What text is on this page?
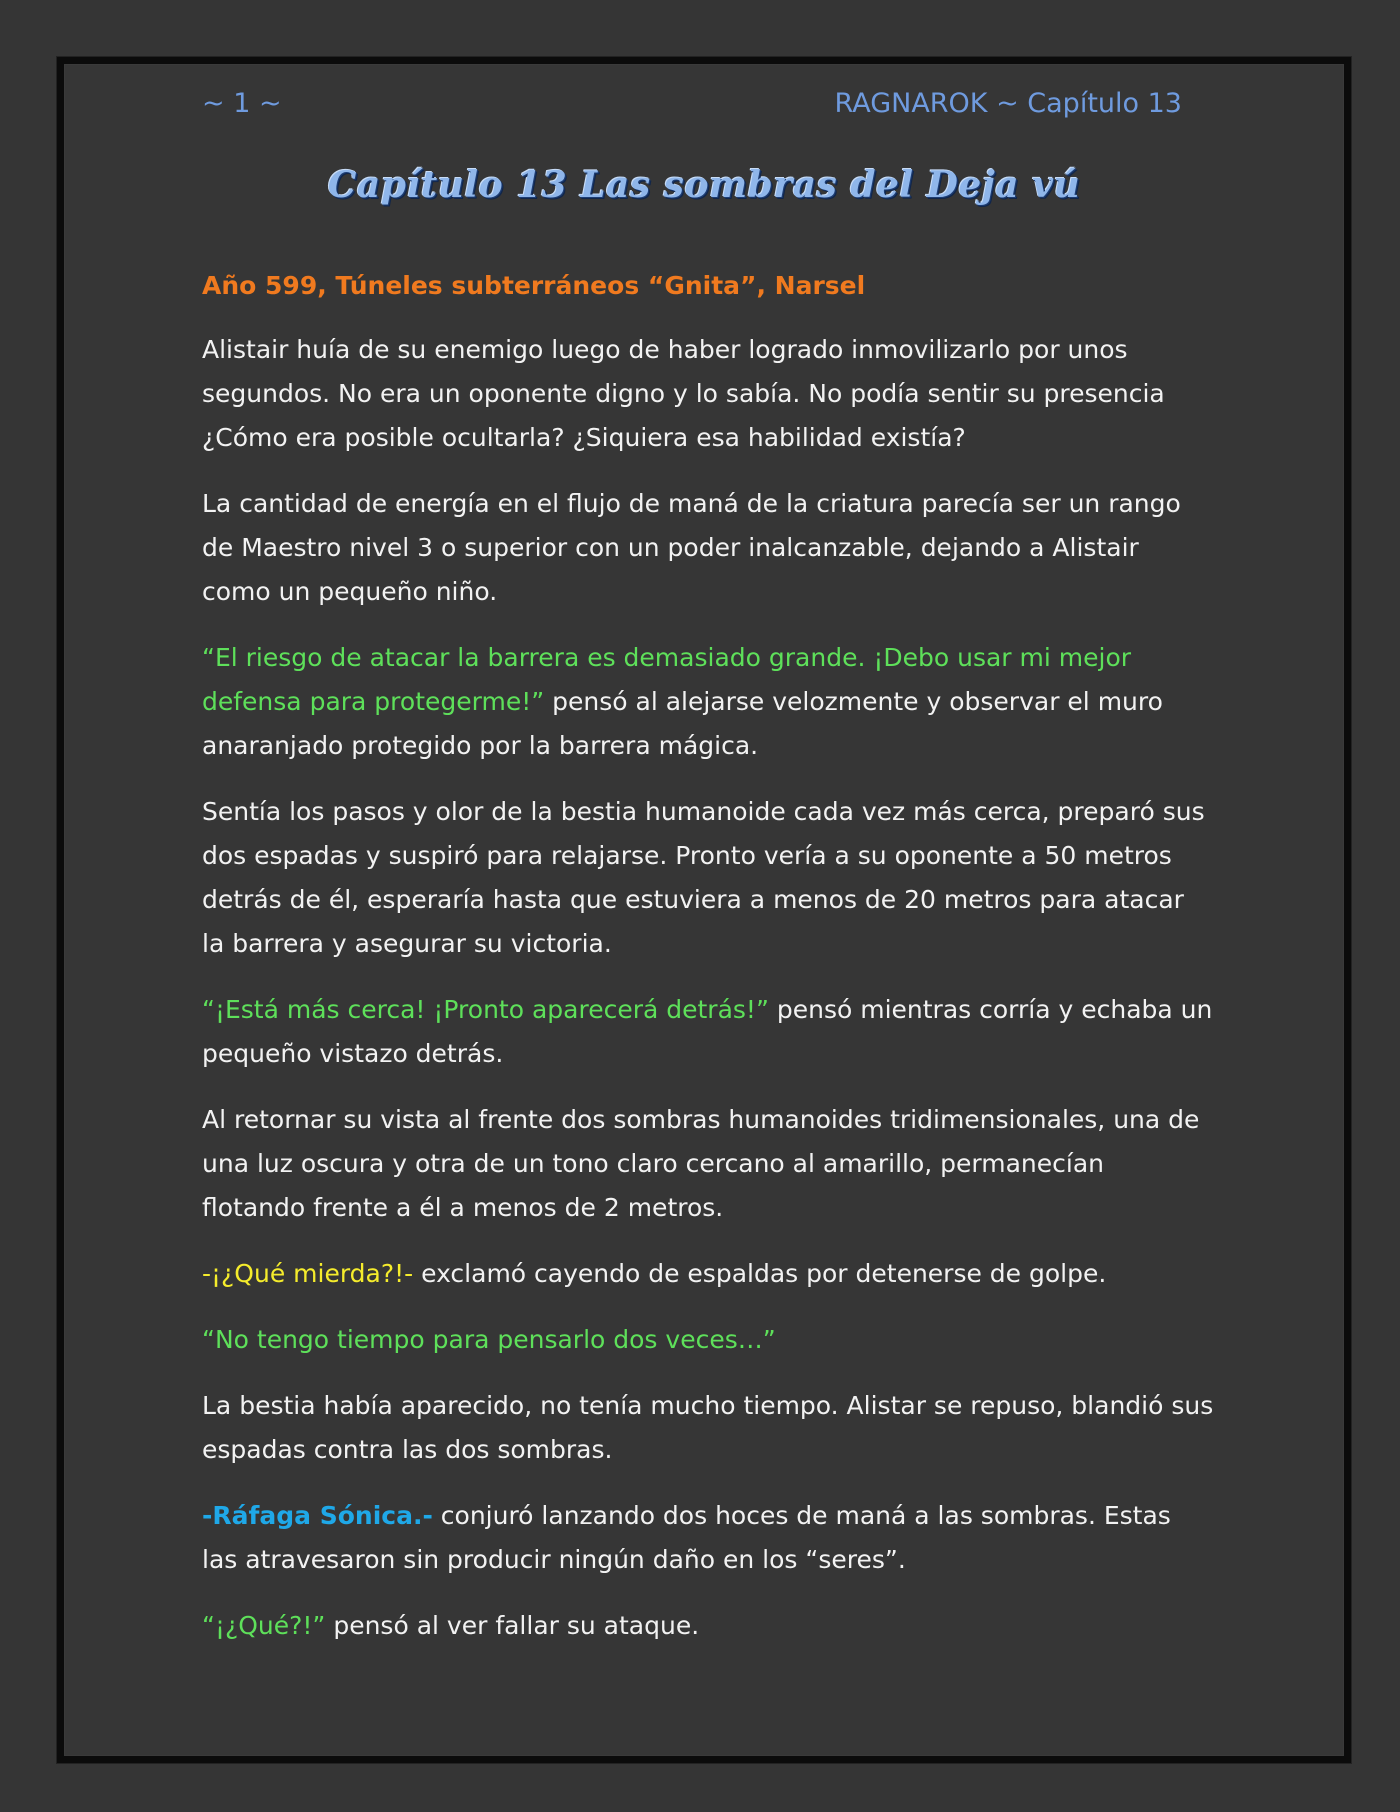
~ 1 ~	RAGNAROK ~ Capítulo 13
Capítulo 13 Las sombras del Deja vú

Año 599, Túneles subterráneos “Gnita”, Narsel

Alistair huía de su enemigo luego de haber logrado inmovilizarlo por unos segundos. No era un oponente digno y lo sabía. No podía sentir su presencia ¿Cómo era posible ocultarla? ¿Siquiera esa habilidad existía?

La cantidad de energía en el flujo de maná de la criatura parecía ser un rango de Maestro nivel 3 o superior con un poder inalcanzable, dejando a Alistair como un pequeño niño.

“El riesgo de atacar la barrera es demasiado grande. ¡Debo usar mi mejor defensa para protegerme!” pensó al alejarse velozmente y observar el muro anaranjado protegido por la barrera mágica.

Sentía los pasos y olor de la bestia humanoide cada vez más cerca, preparó sus dos espadas y suspiró para relajarse. Pronto vería a su oponente a 50 metros detrás de él, esperaría hasta que estuviera a menos de 20 metros para atacar la barrera y asegurar su victoria.

“¡Está más cerca! ¡Pronto aparecerá detrás!” pensó mientras corría y echaba un pequeño vistazo detrás.

Al retornar su vista al frente dos sombras humanoides tridimensionales, una de una luz oscura y otra de un tono claro cercano al amarillo, permanecían flotando frente a él a menos de 2 metros.

-¡¿Qué mierda?!- exclamó cayendo de espaldas por detenerse de golpe.

“No tengo tiempo para pensarlo dos veces…”

La bestia había aparecido, no tenía mucho tiempo. Alistar se repuso, blandió sus espadas contra las dos sombras.

-Ráfaga Sónica.- conjuró lanzando dos hoces de maná a las sombras. Estas las atravesaron sin producir ningún daño en los “seres”.

“¡¿Qué?!” pensó al ver fallar su ataque.
